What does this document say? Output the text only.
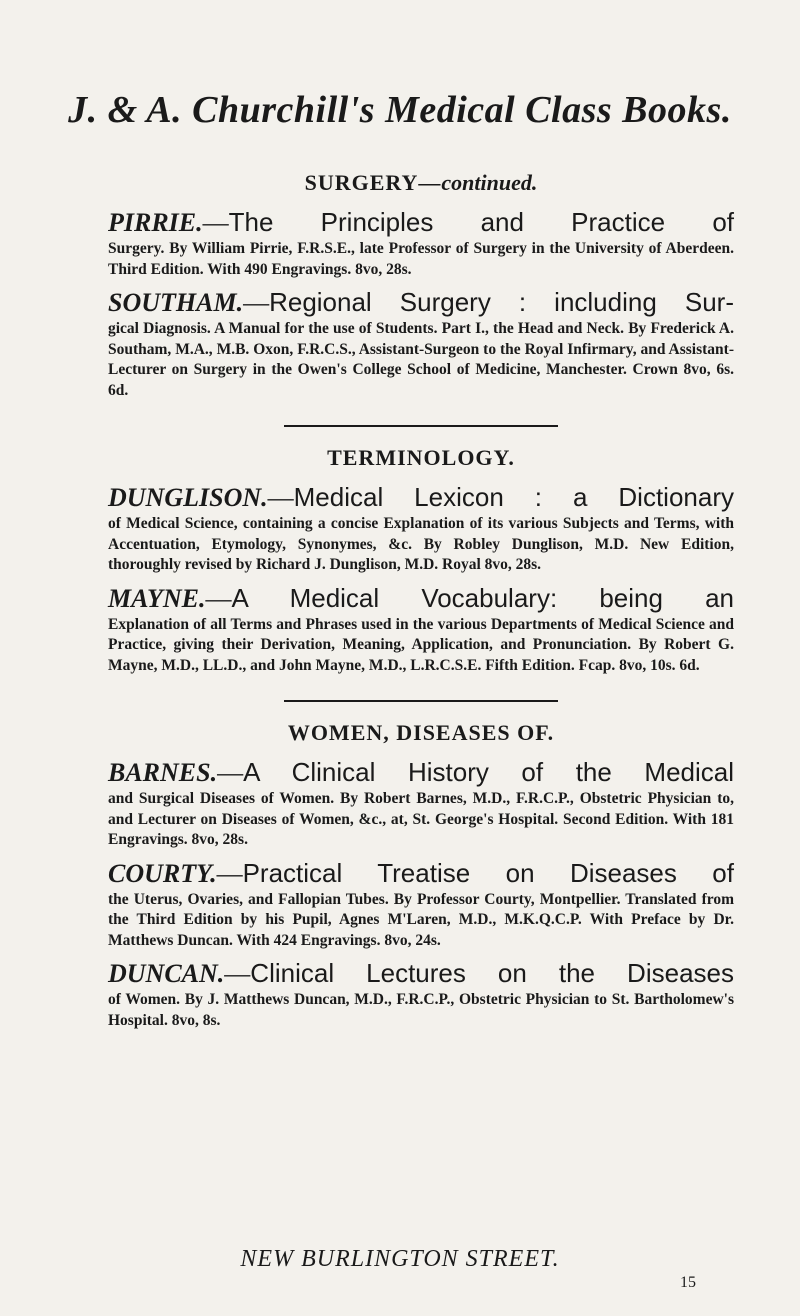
J. & A. Churchill's Medical Class Books.
SURGERY—continued.
PIRRIE.—The Principles and Practice of
Surgery. By William Pirrie, F.R.S.E., late Professor of Surgery in the University of Aberdeen. Third Edition. With 490 Engravings. 8vo, 28s.
SOUTHAM.—Regional Surgery : including Sur-
gical Diagnosis. A Manual for the use of Students. Part I., the Head and Neck. By Frederick A. Southam, M.A., M.B. Oxon, F.R.C.S., Assistant-Surgeon to the Royal Infirmary, and Assistant-Lecturer on Surgery in the Owen's College School of Medicine, Manchester. Crown 8vo, 6s. 6d.
TERMINOLOGY.
DUNGLISON.—Medical Lexicon : a Dictionary
of Medical Science, containing a concise Explanation of its various Subjects and Terms, with Accentuation, Etymology, Synonymes, &c. By Robley Dunglison, M.D. New Edition, thoroughly revised by Richard J. Dunglison, M.D. Royal 8vo, 28s.
MAYNE.—A Medical Vocabulary: being an
Explanation of all Terms and Phrases used in the various Departments of Medical Science and Practice, giving their Derivation, Meaning, Application, and Pronunciation. By Robert G. Mayne, M.D., LL.D., and John Mayne, M.D., L.R.C.S.E. Fifth Edition. Fcap. 8vo, 10s. 6d.
WOMEN, DISEASES OF.
BARNES.—A Clinical History of the Medical
and Surgical Diseases of Women. By Robert Barnes, M.D., F.R.C.P., Obstetric Physician to, and Lecturer on Diseases of Women, &c., at, St. George's Hospital. Second Edition. With 181 Engravings. 8vo, 28s.
COURTY.—Practical Treatise on Diseases of
the Uterus, Ovaries, and Fallopian Tubes. By Professor Courty, Montpellier. Translated from the Third Edition by his Pupil, Agnes M'Laren, M.D., M.K.Q.C.P. With Preface by Dr. Matthews Duncan. With 424 Engravings. 8vo, 24s.
DUNCAN.—Clinical Lectures on the Diseases
of Women. By J. Matthews Duncan, M.D., F.R.C.P., Obstetric Physician to St. Bartholomew's Hospital. 8vo, 8s.
NEW BURLINGTON STREET.
15
